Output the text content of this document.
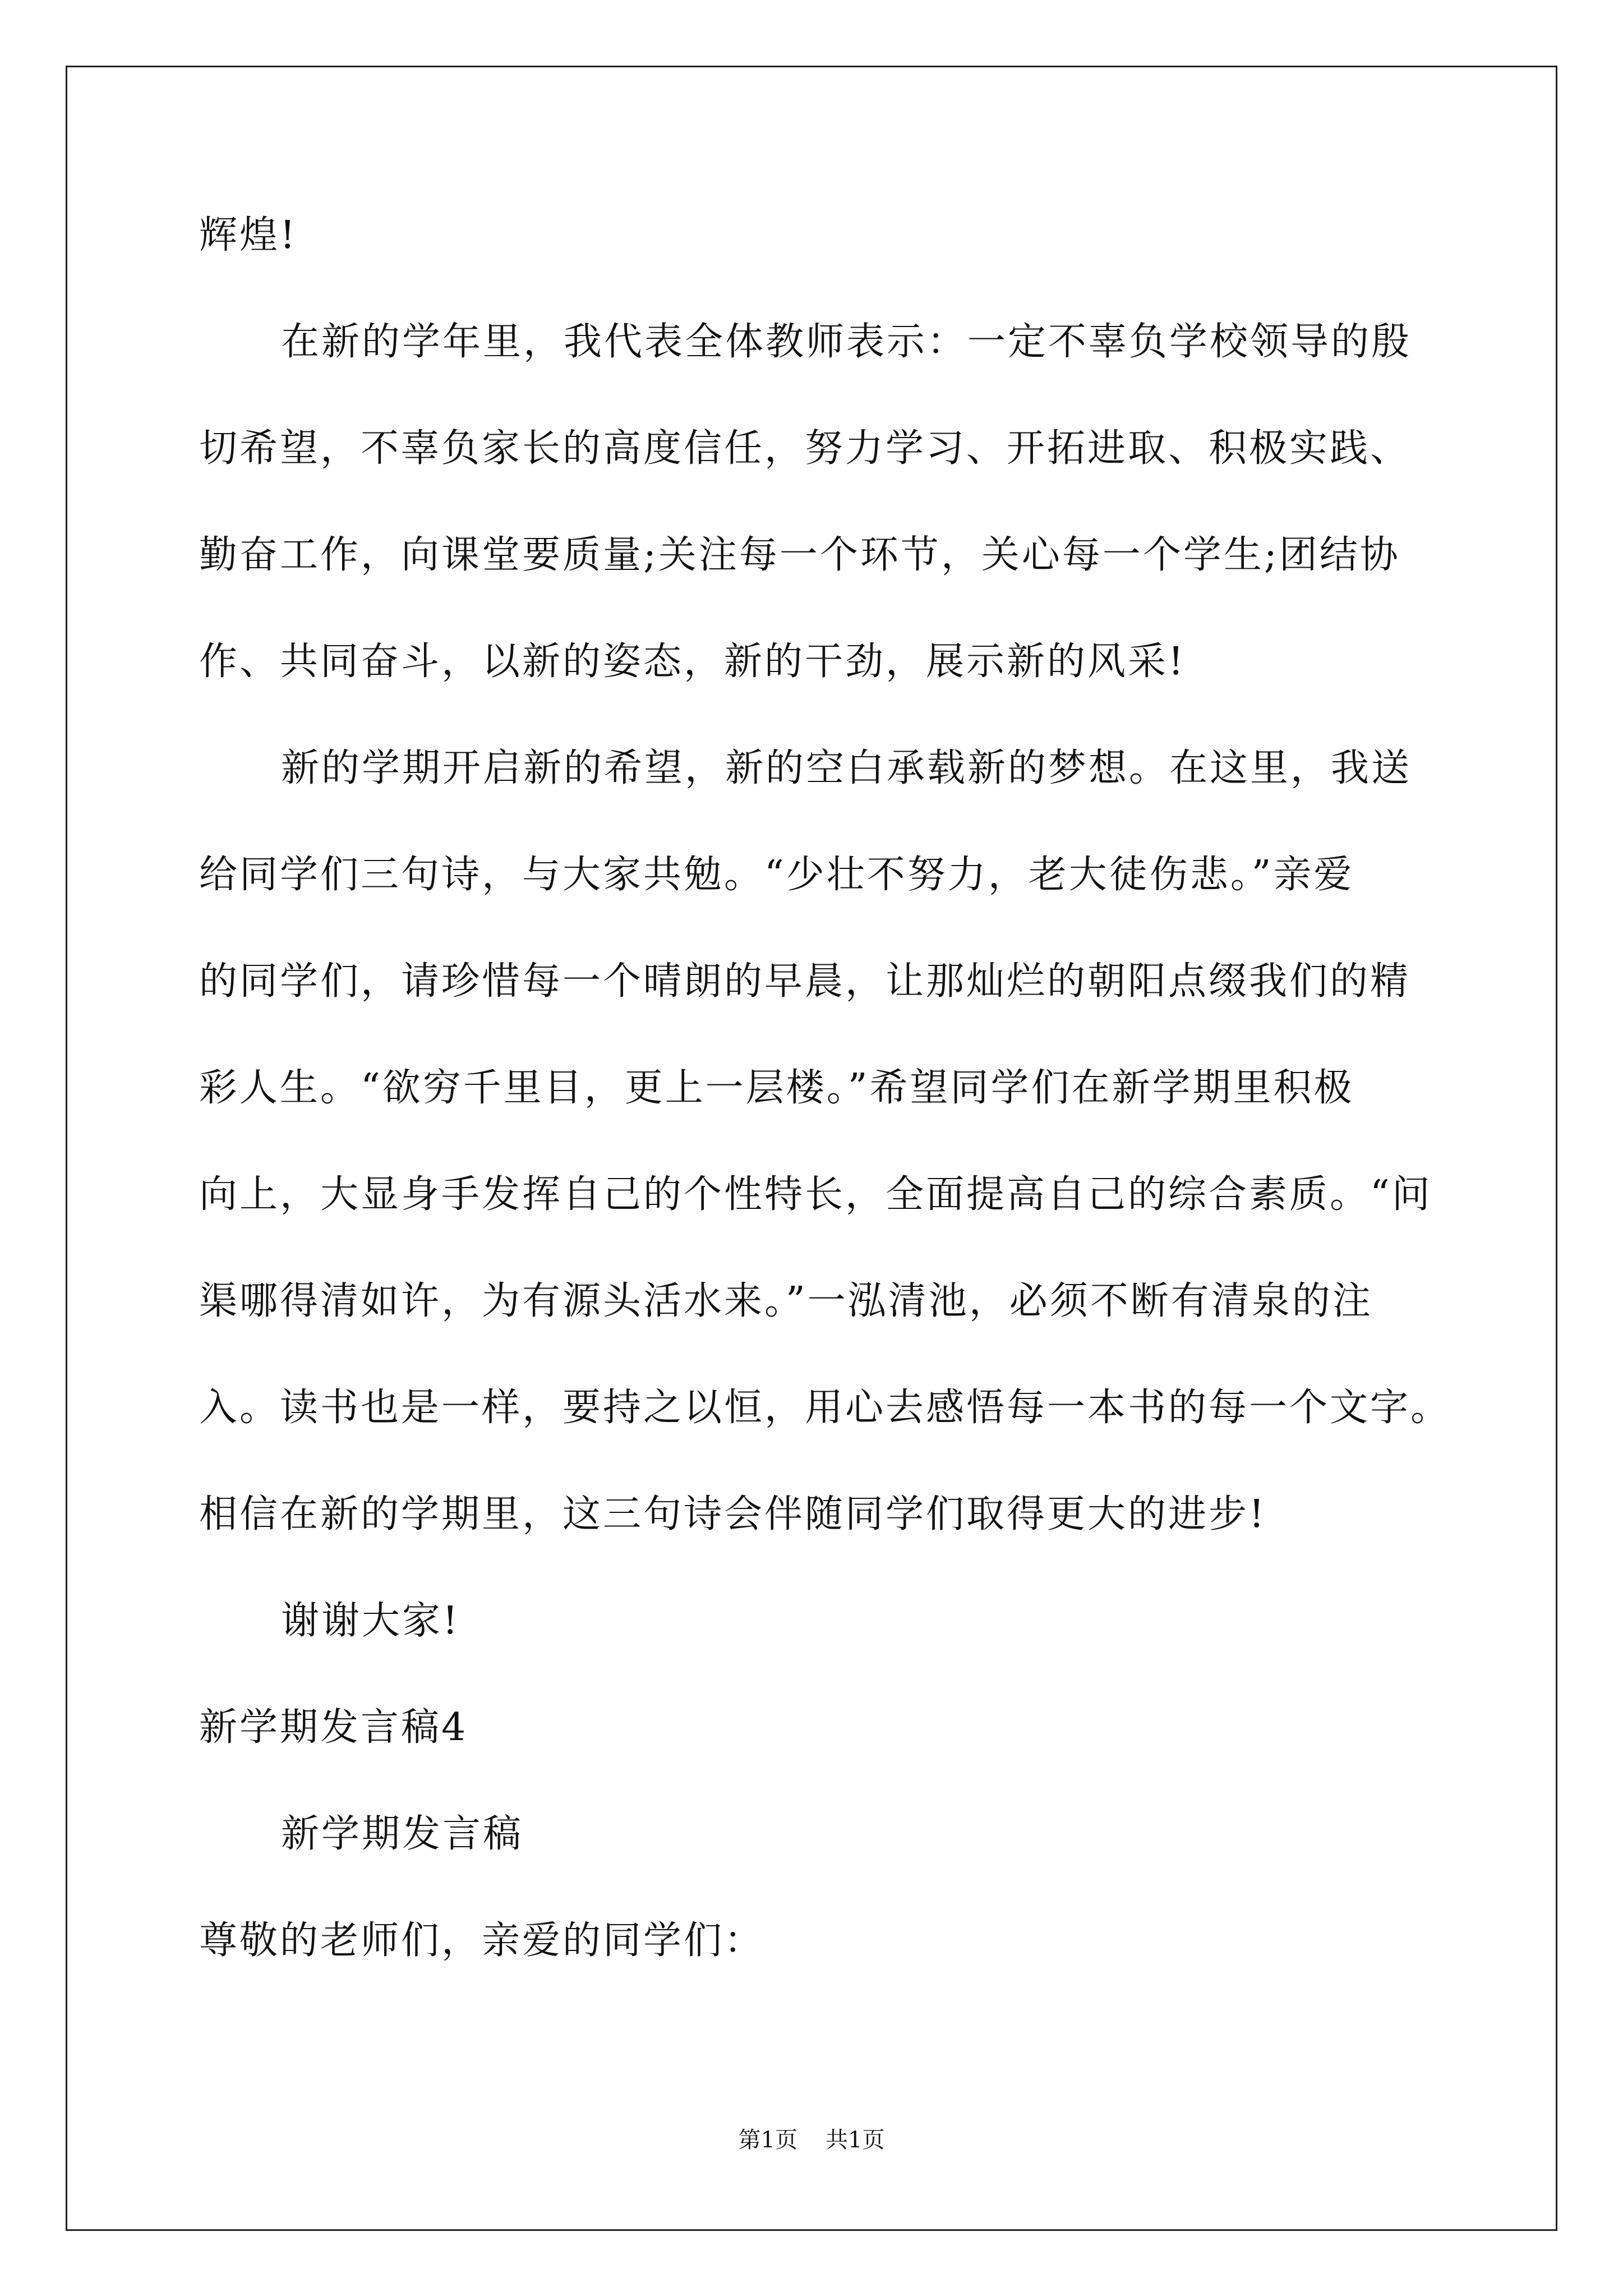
辉煌!
在新的学年里，我代表全体教师表示：一定不辜负学校领导的殷
切希望，不辜负家长的高度信任，努力学习、开拓进取、积极实践、
勤奋工作，向课堂要质量;关注每一个环节，关心每一个学生;团结协
作、共同奋斗，以新的姿态，新的干劲，展示新的风采!
新的学期开启新的希望，新的空白承载新的梦想。在这里，我送
给同学们三句诗，与大家共勉。“少壮不努力，老大徒伤悲。”亲爱
的同学们，请珍惜每一个晴朗的早晨，让那灿烂的朝阳点缀我们的精
彩人生。“欲穷千里目，更上一层楼。”希望同学们在新学期里积极
向上，大显身手发挥自己的个性特长，全面提高自己的综合素质。“问
渠哪得清如许，为有源头活水来。”一泓清池，必须不断有清泉的注
入。读书也是一样，要持之以恒，用心去感悟每一本书的每一个文字。
相信在新的学期里，这三句诗会伴随同学们取得更大的进步!
谢谢大家!
新学期发言稿4
新学期发言稿
尊敬的老师们，亲爱的同学们：
第1页 共1页
